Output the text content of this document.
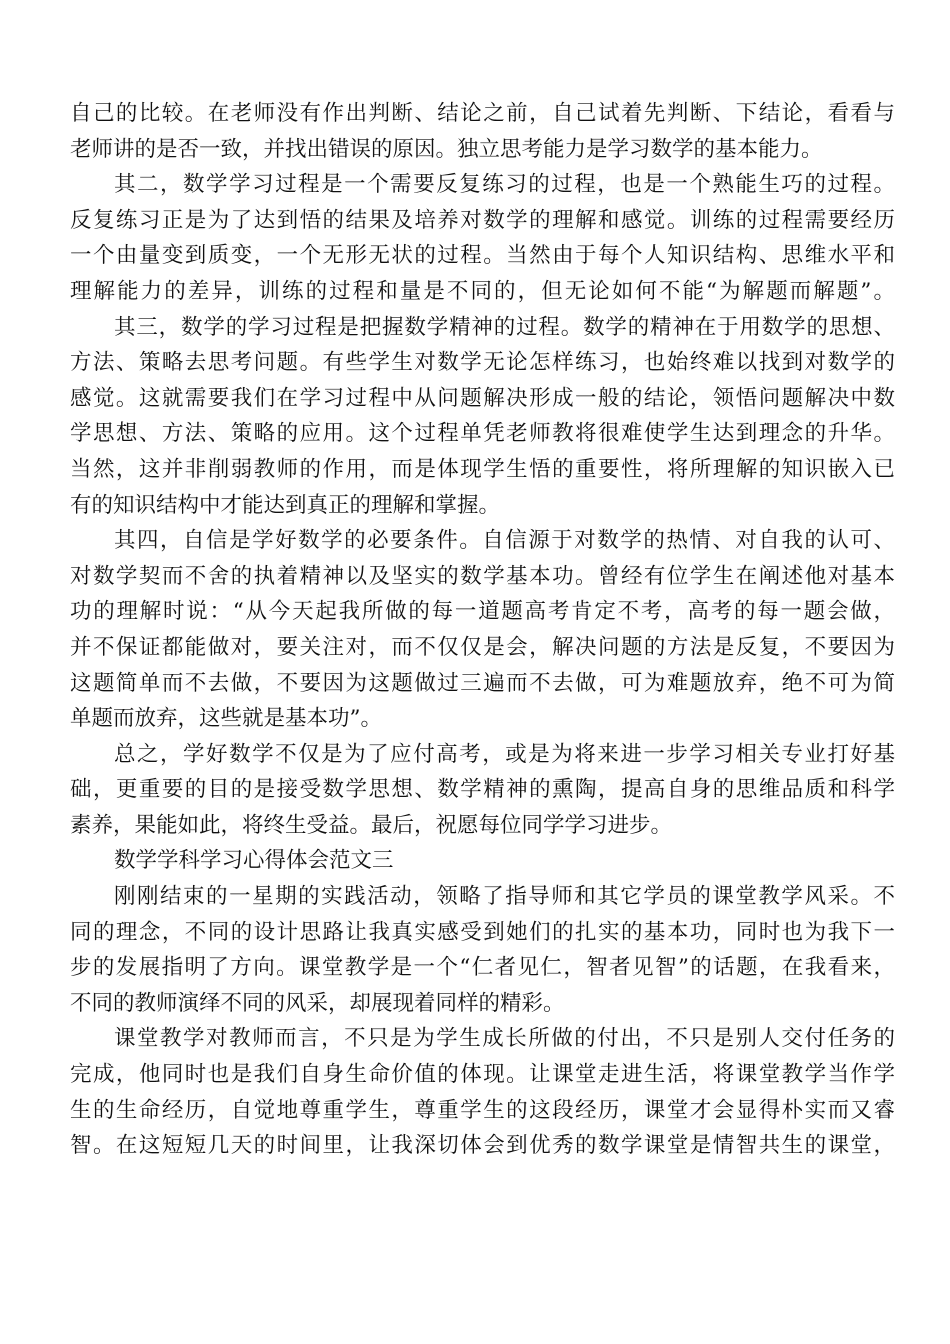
自己的比较。在老师没有作出判断、结论之前，自己试着先判断、下结论，看看与
老师讲的是否一致，并找出错误的原因。独立思考能力是学习数学的基本能力。
其二，数学学习过程是一个需要反复练习的过程，也是一个熟能生巧的过程。
反复练习正是为了达到悟的结果及培养对数学的理解和感觉。训练的过程需要经历
一个由量变到质变，一个无形无状的过程。当然由于每个人知识结构、思维水平和
理解能力的差异，训练的过程和量是不同的，但无论如何不能“为解题而解题”。
其三，数学的学习过程是把握数学精神的过程。数学的精神在于用数学的思想、
方法、策略去思考问题。有些学生对数学无论怎样练习，也始终难以找到对数学的
感觉。这就需要我们在学习过程中从问题解决形成一般的结论，领悟问题解决中数
学思想、方法、策略的应用。这个过程单凭老师教将很难使学生达到理念的升华。
当然，这并非削弱教师的作用，而是体现学生悟的重要性，将所理解的知识嵌入已
有的知识结构中才能达到真正的理解和掌握。
其四，自信是学好数学的必要条件。自信源于对数学的热情、对自我的认可、
对数学契而不舍的执着精神以及坚实的数学基本功。曾经有位学生在阐述他对基本
功的理解时说：“从今天起我所做的每一道题高考肯定不考，高考的每一题会做，
并不保证都能做对，要关注对，而不仅仅是会，解决问题的方法是反复，不要因为
这题简单而不去做，不要因为这题做过三遍而不去做，可为难题放弃，绝不可为简
单题而放弃，这些就是基本功”。
总之，学好数学不仅是为了应付高考，或是为将来进一步学习相关专业打好基
础，更重要的目的是接受数学思想、数学精神的熏陶，提高自身的思维品质和科学
素养，果能如此，将终生受益。最后，祝愿每位同学学习进步。
数学学科学习心得体会范文三
刚刚结束的一星期的实践活动，领略了指导师和其它学员的课堂教学风采。不
同的理念，不同的设计思路让我真实感受到她们的扎实的基本功，同时也为我下一
步的发展指明了方向。课堂教学是一个“仁者见仁，智者见智”的话题，在我看来，
不同的教师演绎不同的风采，却展现着同样的精彩。
课堂教学对教师而言，不只是为学生成长所做的付出，不只是别人交付任务的
完成，他同时也是我们自身生命价值的体现。让课堂走进生活，将课堂教学当作学
生的生命经历，自觉地尊重学生，尊重学生的这段经历，课堂才会显得朴实而又睿
智。在这短短几天的时间里，让我深切体会到优秀的数学课堂是情智共生的课堂，
